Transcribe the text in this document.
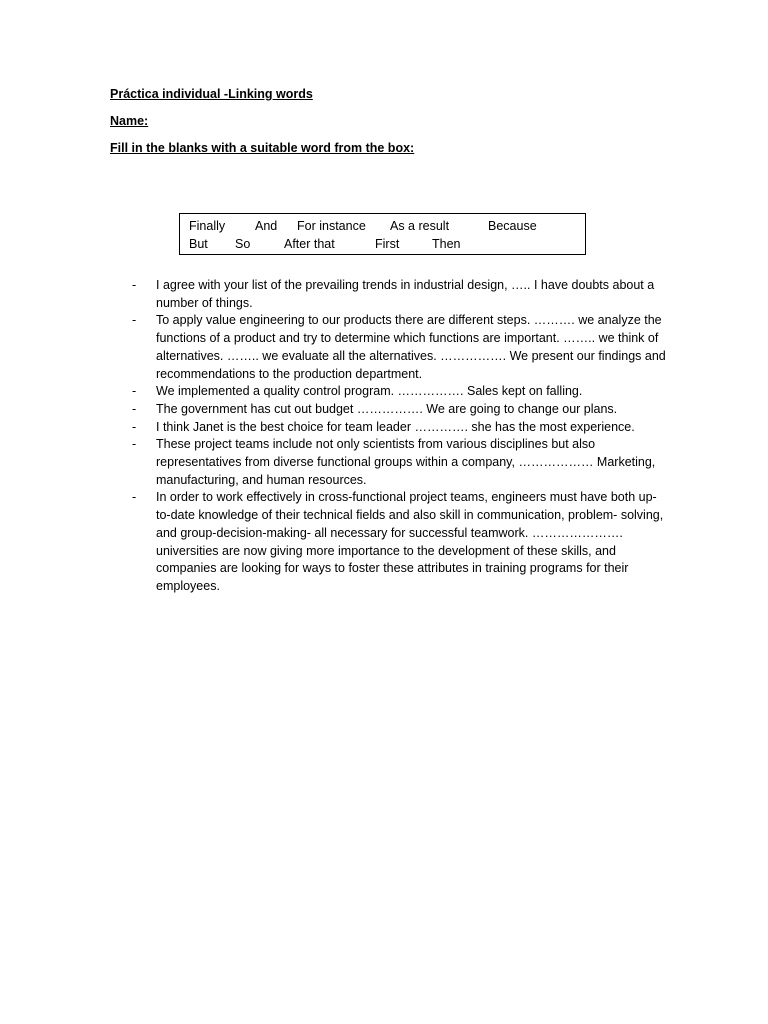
Práctica individual -Linking words
Name:
Fill in the blanks with a suitable word from the box:
Finally And For instance As a result	Because
But So	After that	First	Then
- I agree with your list of the prevailing trends in industrial design, ….. I have doubts about a number of things.
- To apply value engineering to our products there are different steps. ………. we analyze the functions of a product and try to determine which functions are important. …….. we think of alternatives. …….. we evaluate all the alternatives. ……………. We present our findings and recommendations to the production department.
- We implemented a quality control program. ……………. Sales kept on falling.
- The government has cut out budget ……………. We are going to change our plans.
- I think Janet is the best choice for team leader …………. she has the most experience.
- These project teams include not only scientists from various disciplines but also representatives from diverse functional groups within a company, ……………… Marketing, manufacturing, and human resources.
- In order to work effectively in cross-functional project teams, engineers must have both up-to-date knowledge of their technical fields and also skill in communication, problem- solving, and group-decision-making- all necessary for successful teamwork. …………………. universities are now giving more importance to the development of these skills, and companies are looking for ways to foster these attributes in training programs for their employees.
